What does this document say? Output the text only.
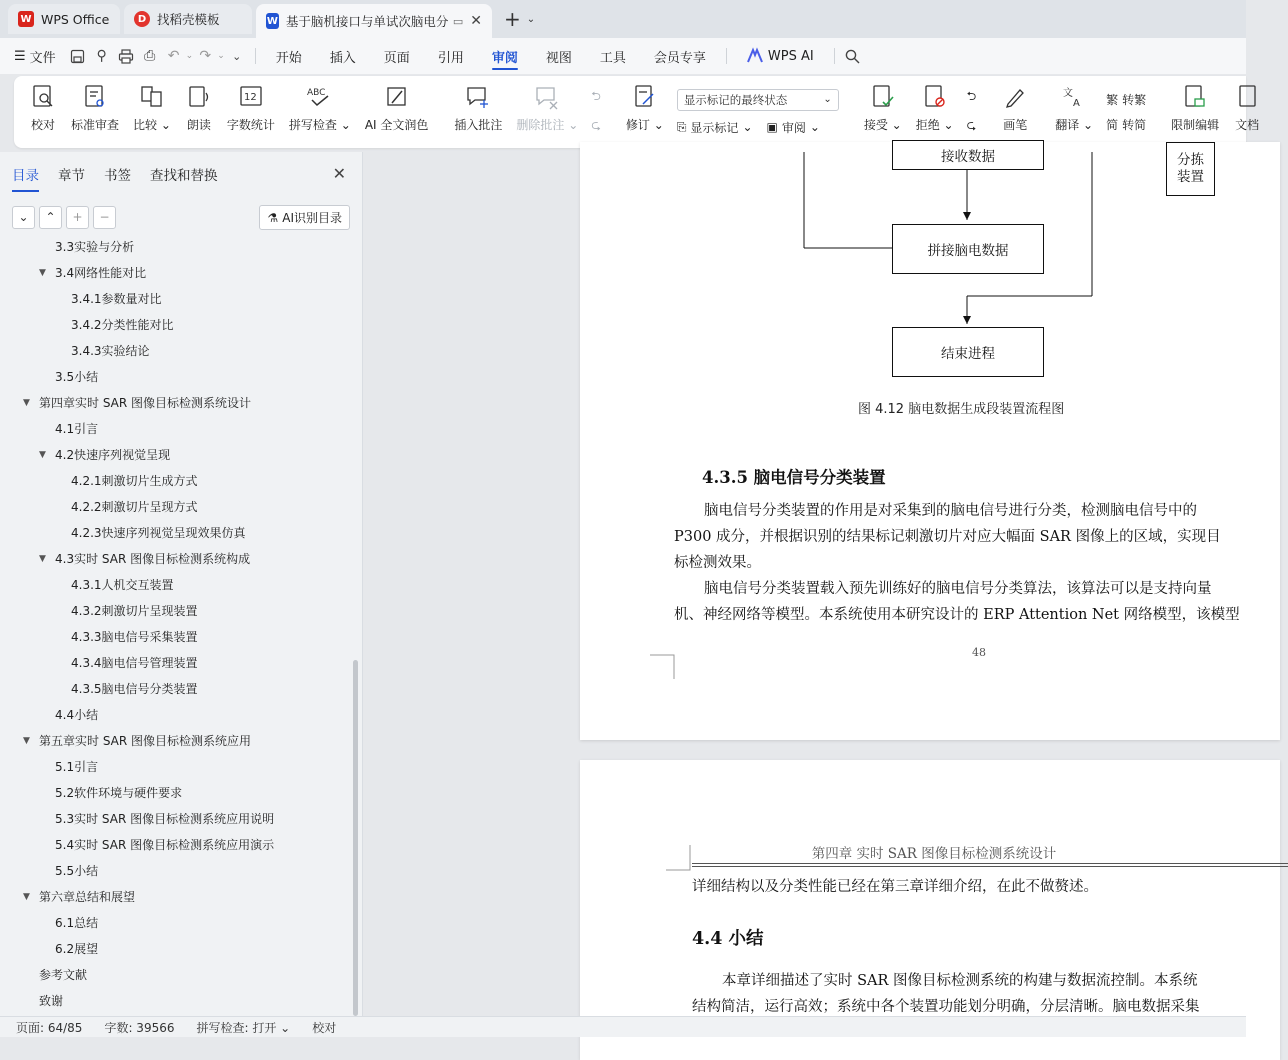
W WPS Office	D 找稻壳模板	W 基于脑机接口与单试次脑电分 ▭ ✕ + ⌄
☰ 文件	⚲	⎙ ↶ ⌄ ↷ ⌄ ⌄	开始	插入	页面	引用	审阅	视图	工具	会员专享	WPS AI
校对 标准审查 比较 ⌄ 朗读
12
字数统计
ABC
拼写检查 ⌄ AI 全文润色 插入批注 删除批注 ⌄
⮌
⮎ 修订 ⌄
显示标记的最终状态	⌄
⎘ 显示标记 ⌄ ▣ 审阅 ⌄	接受 ⌄ 拒绝 ⌄
⮌
⮎ 画笔
文
A
翻译 ⌄
繁 转繁
简 转简 限制编辑 文档
目录 章节 书签 查找和替换	✕
⌄	⌃	+	−	⚗ AI识别目录
3.3实验与分析
▼ 3.4网络性能对比
3.4.1参数量对比
3.4.2分类性能对比
3.4.3实验结论
3.5小结
▼ 第四章实时 SAR 图像目标检测系统设计
4.1引言
▼ 4.2快速序列视觉呈现
4.2.1刺激切片生成方式
4.2.2刺激切片呈现方式
4.2.3快速序列视觉呈现效果仿真
▼ 4.3实时 SAR 图像目标检测系统构成
4.3.1人机交互装置
4.3.2刺激切片呈现装置
4.3.3脑电信号采集装置
4.3.4脑电信号管理装置
4.3.5脑电信号分类装置
4.4小结
▼ 第五章实时 SAR 图像目标检测系统应用
5.1引言
5.2软件环境与硬件要求
5.3实时 SAR 图像目标检测系统应用说明
5.4实时 SAR 图像目标检测系统应用演示
5.5小结
▼ 第六章总结和展望
6.1总结
6.2展望
参考文献
致谢
接收数据	分拣
装置
拼接脑电数据
结束进程
图 4.12 脑电数据生成段装置流程图
4.3.5 脑电信号分类装置
脑电信号分类装置的作用是对采集到的脑电信号进行分类，检测脑电信号中的
P300 成分，并根据识别的结果标记刺激切片对应大幅面 SAR 图像上的区域，实现目
标检测效果。
脑电信号分类装置载入预先训练好的脑电信号分类算法，该算法可以是支持向量
机、神经网络等模型。本系统使用本研究设计的 ERP Attention Net 网络模型，该模型
48
第四章 实时 SAR 图像目标检测系统设计
详细结构以及分类性能已经在第三章详细介绍，在此不做赘述。
4.4 小结
本章详细描述了实时 SAR 图像目标检测系统的构建与数据流控制。本系统
结构简洁，运行高效；系统中各个装置功能划分明确，分层清晰。脑电数据采集
页面: 64/85 字数: 39566 拼写检查: 打开 ⌄ 校对
